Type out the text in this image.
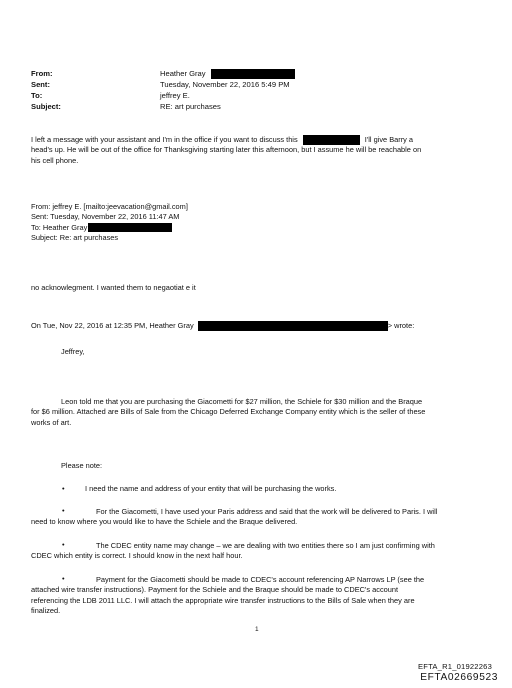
From:	Heather Gray
Sent:	Tuesday, November 22, 2016 5:49 PM
To:	jeffrey E.
Subject:	RE: art purchases
I left a message with your assistant and I'm in the office if you want to discuss this	I'll give Barry a
head's up. He will be out of the office for Thanksgiving starting later this afternoon, but I assume he will be reachable on
his cell phone.
From: jeffrey E. [mailto:jeevacation@gmail.com]
Sent: Tuesday, November 22, 2016 11:47 AM
To: Heather Gray
Subject: Re: art purchases
no acknowlegment. I wanted them to negaotiat e it
On Tue, Nov 22, 2016 at 12:35 PM, Heather Gray	> wrote:
Jeffrey,
Leon told me that you are purchasing the Giacometti for $27 million, the Schiele for $30 million and the Braque
for $6 million. Attached are Bills of Sale from the Chicago Deferred Exchange Company entity which is the seller of these
works of art.
Please note:
•	I need the name and address of your entity that will be purchasing the works.
•	For the Giacometti, I have used your Paris address and said that the work will be delivered to Paris. I will
need to know where you would like to have the Schiele and the Braque delivered.
•	The CDEC entity name may change – we are dealing with two entities there so I am just confirming with
CDEC which entity is correct. I should know in the next half hour.
•	Payment for the Giacometti should be made to CDEC's account referencing AP Narrows LP (see the
attached wire transfer instructions). Payment for the Schiele and the Braque should be made to CDEC's account
referencing the LDB 2011 LLC. I will attach the appropriate wire transfer instructions to the Bills of Sale when they are
finalized.
1
EFTA_R1_01922263
EFTA02669523
